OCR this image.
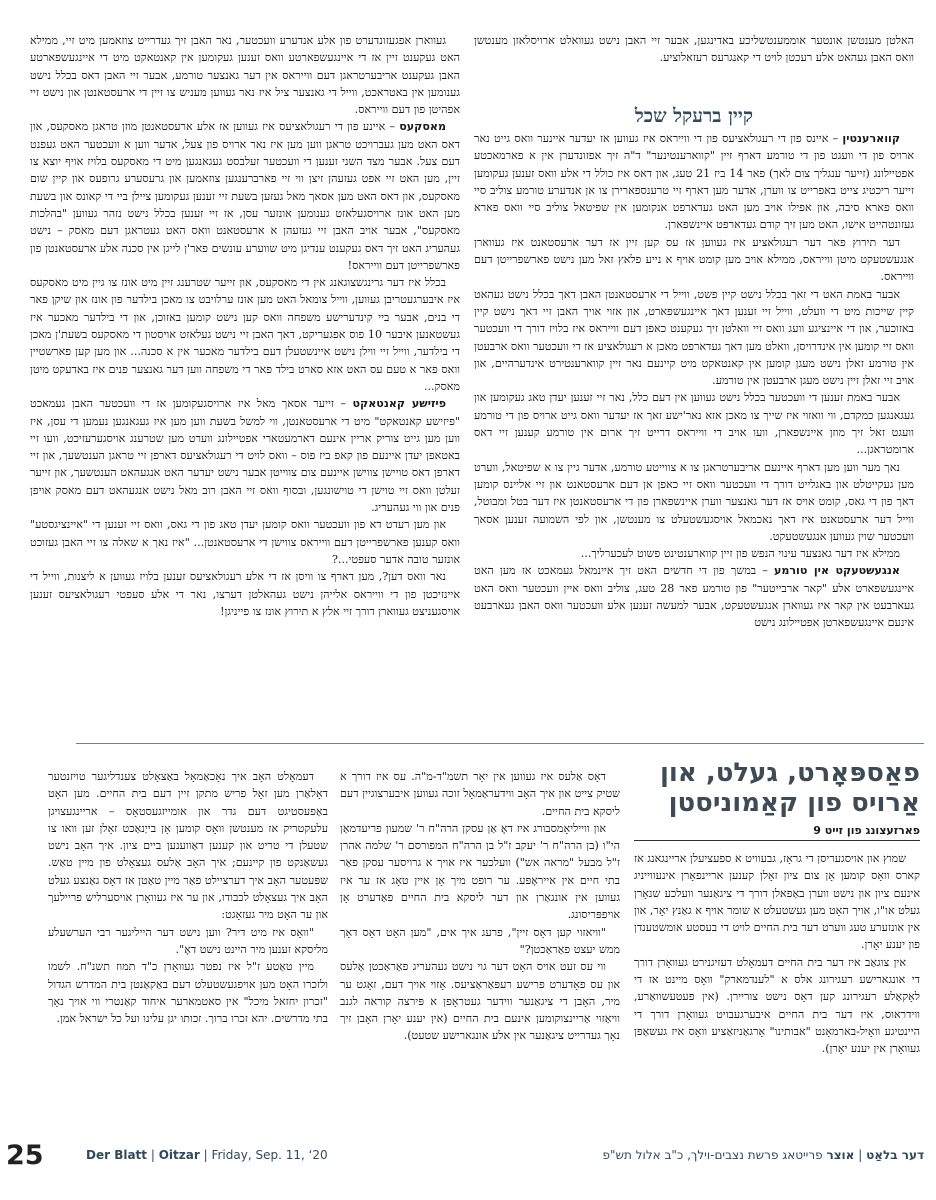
האלטן מענטשן אונטער אוממענטשליכע באדינגען, אבער זיי האבן נישט געוואלט ארויסלאזן מענטשן וואס האבן געהאט אלע רעכטן לויט די קאנגרעס רעזאלוציע.

קיין ברעקל שכל

קווארענטין – איינס פון די רעגולאציעס פון די ווייראס איז געווען אז יעדער איינער וואס גייט נאר ארויס פון די וועגט פון די טורמע דארף זיין "קווארענטינער" ד"ה זיך אפזונדערן אין א פארמאכטע אפטיילונג (זייער ענגליך צום לאך) פאר 14 ביז 21 טעג, און דאס איז כולל די אלע וואס זענען געקומען זייער ריכטיג צייט באפרייט צו ווערן, אדער מען דארף זיי טרענספארירן צו אן אנדערע טורמע צוליב סיי וואס פארא סיבה, און אפילו אויב מען האט געדארפט אנקומען אין שפיטאל צוליב סיי וואס פארא געזונטהייט אישו, האט מען זיך קודם געדארפט איינשפארן.

דער תירוץ פאר דער רעגולאציע איז געווען אז עס קען זיין אז דער ארעסטאנט איז געווארן אנגעשטעקט מיטן ווייראס, ממילא אויב מען קומט אויף א נייע פלאץ זאל מען נישט פארשפרייטן דעם ווייראס.

אבער באמת האט די זאך בכלל נישט קיין פשט, ווייל די ארעסטאנטן האבן דאך בכלל נישט געהאט קיין שייכות מיט די וועלט, ווייל זיי זענען דאך איינגעשפארט, און אזוי אויך האבן זיי דאך נישט קיין באזוכער, און די איינציגע וועג וואס זיי וואלטן זיך געקענט כאפן דעם ווייראס איז בלויז דורך די וועכטער וואס זיי קומען אין אינדרויסן, וואלט מען דאך געדארפט מאכן א רעגולאציע אז די וועכטער וואס ארבעטן אין טורמע זאלן נישט מעגן קומען אין קאנטאקט מיט קיינעם נאר זיין קווארענטירט אינדערהיים, און אויב זיי זאלן זיין נישט מעגן ארבעטן אין טורמע.

אבער באמת זענען די וועכטער בכלל נישט געווען אין דעם כלל, נאר זיי זענען יעדן טאג געקומען און געגאנגען כמקדם, ווי וואזוי איז שייך צו מאכן אזא נאר'ישע זאך אז יעדער וואס גייט ארויס פון די טורמע וועגט זאל זיך מוזן איינשפארן, וועו אויב די ווייראס דרייט זיך ארום אין טורמע קענען זיי דאס ארומטראגן...

נאך מער ווען מען דארף איינעם אריבערטראגן צו א צווייטע טורמע, אדער גיין צו א שפיטאל, ווערט מען געקייטלט און באגלייט דורך די וועכטער וואס זיי כאפן אן דעם ארעסטאנט און זיי אליינס קומען דאך פון די גאס, קומט אויס אז דער גאנצער ווערן איינשפארן פון די ארעסטאנטן איז דער בטל ומבוטל, ווייל דער ארעסטאנט איז דאך נאכמאל אויסגעשטעלט צו מענטשן, און לפי השמועה זענען אסאך וועכטער שוין געווען אנגעשטעקט.

ממילא איז דער גאנצער עינוי הנפש פון זיין קווארענטינט פשוט לעכערליך...

אנגעשטעקט אין טורמע – במשך פון די חדשים האט זיך איינמאל געמאכט אז מען האט איינגעשפארט אלע "קאר ארבייטער" פון טורמע פאר 28 טעג, צוליב וואס איין וועכטער וואס האט געארבעט אין קאר איז געווארן אנגעשטעקט, אבער למעשה זענען אלע וועכטער וואס האבן געארבעט אינעם איינגעשפארטן אפטיילונג נישט

געווארן אפגעזונדערט פון אלע אנדערע וועכטער, נאר האבן זיך געדרייט צוזאמען מיט זיי, ממילא האט געקענט זיין אז די איינגעשפארטע וואס זענען געקומען אין קאנטאקט מיט די איינגעשפארטע האבן געקענט אריבערטראגן דעם ווייראס אין דער גאנצער טורמע, אבער זיי האבן דאס בכלל נישט גענומען אין באטראכט, ווייל די גאנצער ציל איז נאר געווען מעניש צו זיין די ארעסטאנטן און נישט זיי אפהיטן פון דעם ווייראס.

מאסקעס – איינע פון די רעגולאציעס איז געווען אז אלע ארעסטאנטן מוזן טראגן מאסקעס, און דאס האט מען געברויכט טראגן ווען מען איז נאר ארויס פון צעל, אדער ווען א וועכטער האט געפנט דעם צעל. אבער מצד השני זענען די וועכטער זעלבסט געגאנגען מיט די מאסקעס בלויז אויף יוצא צו זיין, מען האט זיי אפט געזעהן זיצן ווי זיי פארברענגען צוזאמען און גרעסערע גרופעס און קיין שום מאסקעס, און דאס האט מען אסאך מאל געזען בשעת זיי זענען געקומען ציילן ביי די קאונס און בשעת מען האט אונז ארויסגעלאזט גענומען אונזער עסן, אז זיי זענען בכלל נישט נזהר געווען "בהלכות מאסקעס", אבער אויב האבן זיי געזעהן א ארעסטאנט וואס האט געטראגן דעם מאסק – נישט געהעריג האט זיך דאס געקענט ענדיגן מיט שווערע עונשים פאר'ן לייגן אין סכנה אלע ארעסטאנטן פון פארשפרייטן דעם ווייראס!

בכלל איז דער גרינגשצוגאנג אין די מאסקעס, און זייער שטרענג זיין מיט אונז צו גיין מיט מאסקעס איז איבערגעטריבן געווען, ווייל צומאל האט מען אונז ערלויבט צו מאכן בילדער פון אונז און שיקן פאר די בנים, אבער ביי קינדערישע משפחה וואס קען נישט קומען באזוכן, און די בילדער מאכער איז געשטאנען איבער 10 פוס אפגעריקט, דאך האבן זיי נישט געלאזט אויסטון די מאסקעס בשעת'ן מאכן די בילדער, ווייל זיי ווילן נישט איינשטעלן דעם בילדער מאכער אין א סכנה... און מען קען פארשטיין וואס פאר א טעם עס האט אזא סארט בילד פאר די משפחה ווען דער גאנצער פנים איז באדעקט מיטן מאסק...

פיזישע קאנטאקט – זייער אסאך מאל איז ארויסגעקומען אז די וועכטער האבן געמאכט "פיזישע קאנטאקט" מיט די ארעסטאנטן, ווי למשל בשעת ווען מען איז געגאנגען נעמען די עסן, איז ווען מען גייט צוריק אריין אינעם דארמעטארי אפטיילונג ווערט מען שטרענג אויסגערעזיכט, וועו זיי באטאפן יעדן איינעם פון קאפ ביז פוס – וואס לויט די רעגולאציעס דארפן זיי טראגן הענטשעך, און זיי דארפן דאס טויישן צווישן איינעם צום צווייטן אבער נישט יעדער האט אנגעהאט הענטשעך, און זייער זעלטן וואס זיי טוישן די טוישונגען, ובסוף וואס זיי האבן רוב מאל נישט אנגעהאט דעם מאסק אויפן פנים און ווי געהעריג.

און מען רעדט דא פון וועכטער וואס קומען יעדן טאג פון די גאס, וואס זיי זענען די "איינציגסטע" וואס קענען פארשפרייטן דעם ווייראס צווישן די ארעסטאנטן... "איז נאך א שאלה צו זיי האבן געזוכט אונזער טובה אדער סעפטי...?

נאר וואס דען?, מען דארף צו וויסן אז די אלע רעגולאציעס זענען בלויז געווען א ליצנות, ווייל די איינזיכטן פון די ווייראס אלייהן נישט געהאלטן דערצו, נאר די אלע סעפטי רעגולאציעס זענען אויסגעניצט געווארן דורך זיי אלץ א תירוץ אונז צו פייניגן!

פאַספּאָרט, געלט, און אַרויס פון קאַמוניסטן
פארזעצונג פון זייט 9

שמוץ און אויסגעריסן די גראָז, גבעוויט א ספעציעלן אריינגאנג אז קארס וואָס קומען אָן צום ציון זאָלן קענען אריינפאָרן אינעווייניג אינעם ציון און נישט ווערן באַפאלן דורך די ציגאַנער וועלכע שנאָרן געלט או"ו, אויך האָט מען געשטעלט א שומר אויף א גאַנץ יאָר, און אין אונזערע טעג ווערט דער בית החיים לויט די בעסטע אומשטענדן פון יענע יאָרן.

אין צוגאַב איז דער בית החיים דעמאָלט דעזיגנירט געוואָרן דורך די אונגארישע רעגירונג אלס א "לענדמארק" וואָס מיינט אז די לאָקאַלע רעגירונג קען דאָס נישט צוריירן. (אין פעטעשוואַרע, ווידראוס, איז דער בית החיים איבערגעבויט געוואָרן דורך די היינטיגע וואָיל-בארמאָנט "אבותינו" אָרגאַניזאַציע וואָס איז געשאַפן געוואָרן אין יענע יאָרן).

דאָס אַלעס איז געווען אין יאָר תשמ"ד-מ"ה. עס איז דורך א שטיק צייט און איך האָב ווידעראַמאָל זוכה געווען איבערצוגיין דעם ליסקא בית החיים.

און ווייליאָמסבורג איז דאָ אַן עסקן הרה"ח ר' שמעון פריעדמאַן הי"ו (בן הרה"ח ר' יעקב ז"ל בן הרה"ח המפורסם ר' שלמה אהרן ז"ל מבעל "מראה אש") וועלכער איז אויך א גרויסער עסקן פאַר בתי חיים אין אייראָפּע. ער רופט מיך אָן איין טאָג אז ער איז געווען אין אונגאַרן און דער ליסקא בית החיים פאַדערט אָן אויפפּריסונג.

"וויאזוי קען דאָס זיין", פרעג איך אים, "מען האָט דאָס דאָך ממש יעצט פאַראַכטן?"

ווי עס זעט אויס האָט דער גוי נישט געהעריג פאַראַכטן אַלעס און עס פאָדערט פרישע רעפּאַראַציעס. אָזוי אויך דעם, זאָגט ער מיר, האָבן די ציגאַנער ווידער געטראָפן א פּירצה קוראה לגנב וויאַזוי אַריינצוקומען אינעם בית החיים (אין יענע יאָרן האָבן זיך נאָך געדרייט ציגאַנער אין אלע אונגארישע שטעט).

דעמאָלט האָב איך נאָכאַמאָל באַצאָלט צענדליגער טויזנטער דאָלאַרן מען זאָל פריש מתקן זיין דעם בית החיים. מען האָט באַפעסטיגט דעם גדר און אומייזגעסטאָס – אריינגעצויגן עלעקטריק אז מענטשן וואָס קומען אָן בייַנאַכט זאָלן זען וואו צו שטעלן די טריט און קענען דאַווענען ביים ציון. איך האָב נישט געשאַנקט פון קיינעם; איך האָב אַלעס געצאָלט פון מיין טאַש. שפּעטער האָב איך דערציילט פאַר מיין טאַטן אז דאָס גאַנצע געלט האָב איך געצאָלט לכבודו, און ער איז געוואָרן אויסערליש פריילעך און ער האָט מיר געזאָגט:

"וואָס איז מיט דיר? ווען נישט דער הייליגער רבי הערשעלע מליסקא זענען מיר היינט נישט דאָ".

מיין טאַטע ז"ל איז נפטר געוואָרן כ"ד תמוז תשנ"ח. לשמו ולזכרו האָט מען אויפגעשטעלט דעם באַקאַנטן בית המדרש הגדול "זכרון יחזאל מיכל" אין סאטמארער איחוד קאַנטרי ווי אויך נאָך בתי מדרשים. יהא זכרו ברוך. זכותו יגן עלינו ועל כל ישראל אמן.

25	Der Blatt | Oitzar | Friday, Sep. 11, ‘20	דער בלאַט | אוצר פרייטאג פרשת נצבים-וילך, כ"ב אלול תש"פ
